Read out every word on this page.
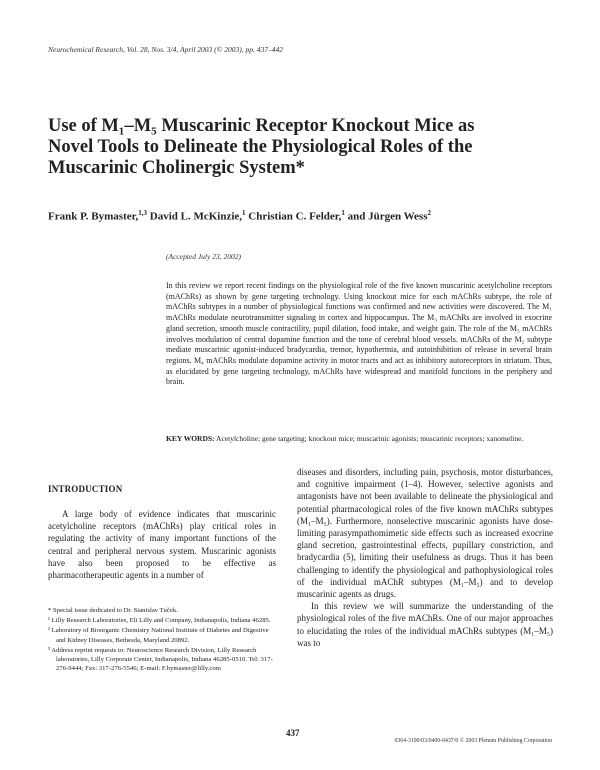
Neurochemical Research, Vol. 28, Nos. 3/4, April 2003 (© 2003), pp. 437–442
Use of M₁–M₅ Muscarinic Receptor Knockout Mice as Novel Tools to Delineate the Physiological Roles of the Muscarinic Cholinergic System*
Frank P. Bymaster,$^{1,3}$ David L. McKinzie,$^1$ Christian C. Felder,$^1$ and Jürgen Wess$^2$
(Accepted July 23, 2002)
In this review we report recent findings on the physiological role of the five known muscarinic acetylcholine receptors (mAChRs) as shown by gene targeting technology. Using knockout mice for each mAChRs subtype, the role of mAChRs subtypes in a number of physiological functions was confirmed and new activities were discovered. The M₁ mAChRs modulate neurotransmitter signaling in cortex and hippocampus. The M₃ mAChRs are involved in exocrine gland secretion, smooth muscle contractility, pupil dilation, food intake, and weight gain. The role of the M₅ mAChRs involves modulation of central dopamine function and the tone of cerebral blood vessels. mAChRs of the M₂ subtype mediate muscarinic agonist-induced bradycardia, tremor, hypothermia, and autoinhibition of release in several brain regions. M₄ mAChRs modulate dopamine activity in motor tracts and act as inhibitory autoreceptors in striatum. Thus, as elucidated by gene targeting technology, mAChRs have widespread and manifold functions in the periphery and brain.
KEY WORDS: Acetylcholine; gene targeting; knockout mice; muscarinic agonists; muscarinic receptors; xanomeline.
INTRODUCTION

A large body of evidence indicates that muscarinic acetylcholine receptors (mAChRs) play critical roles in regulating the activity of many important functions of the central and peripheral nervous system. Muscarinic agonists have also been proposed to be effective as pharmacotherapeutic agents in a number of

diseases and disorders, including pain, psychosis, motor disturbances, and cognitive impairment (1–4). However, selective agonists and antagonists have not been available to delineate the physiological and potential pharmacological roles of the five known mAChRs subtypes (M₁–M₅). Furthermore, nonselective muscarinic agonists have dose-limiting parasympathomimetic side effects such as increased exocrine gland secretion, gastrointestinal effects, pupillary constriction, and bradycardia (5), limiting their usefulness as drugs. Thus it has been challenging to identify the physiological and pathophysiological roles of the individual mAChR subtypes (M₁–M₅) and to develop muscarinic agents as drugs.

In this review we will summarize the understanding of the physiological roles of the five mAChRs. One of our major approaches to elucidating the roles of the individual mAChRs subtypes (M₁–M₅) was to

* Special issue dedicated to Dr. Stanislav Tuček.

¹ Lilly Research Laboratories, Eli Lilly and Company, Indianapolis, Indiana 46285.

² Laboratory of Bioorganic Chemistry National Institute of Diabetes and Digestive and Kidney Diseases, Bethesda, Maryland 20892.

³ Address reprint requests to: Neuroscience Research Division, Lilly Research laboratories, Lilly Corporate Center, Indianapolis, Indiana 46285-0510. Tel: 317-276-9444; Fax: 317-276-5546; E-mail: F.bymaster@lilly.com

437
0364-3190/03/0400-0437/0 © 2003 Plenum Publishing Corporation
